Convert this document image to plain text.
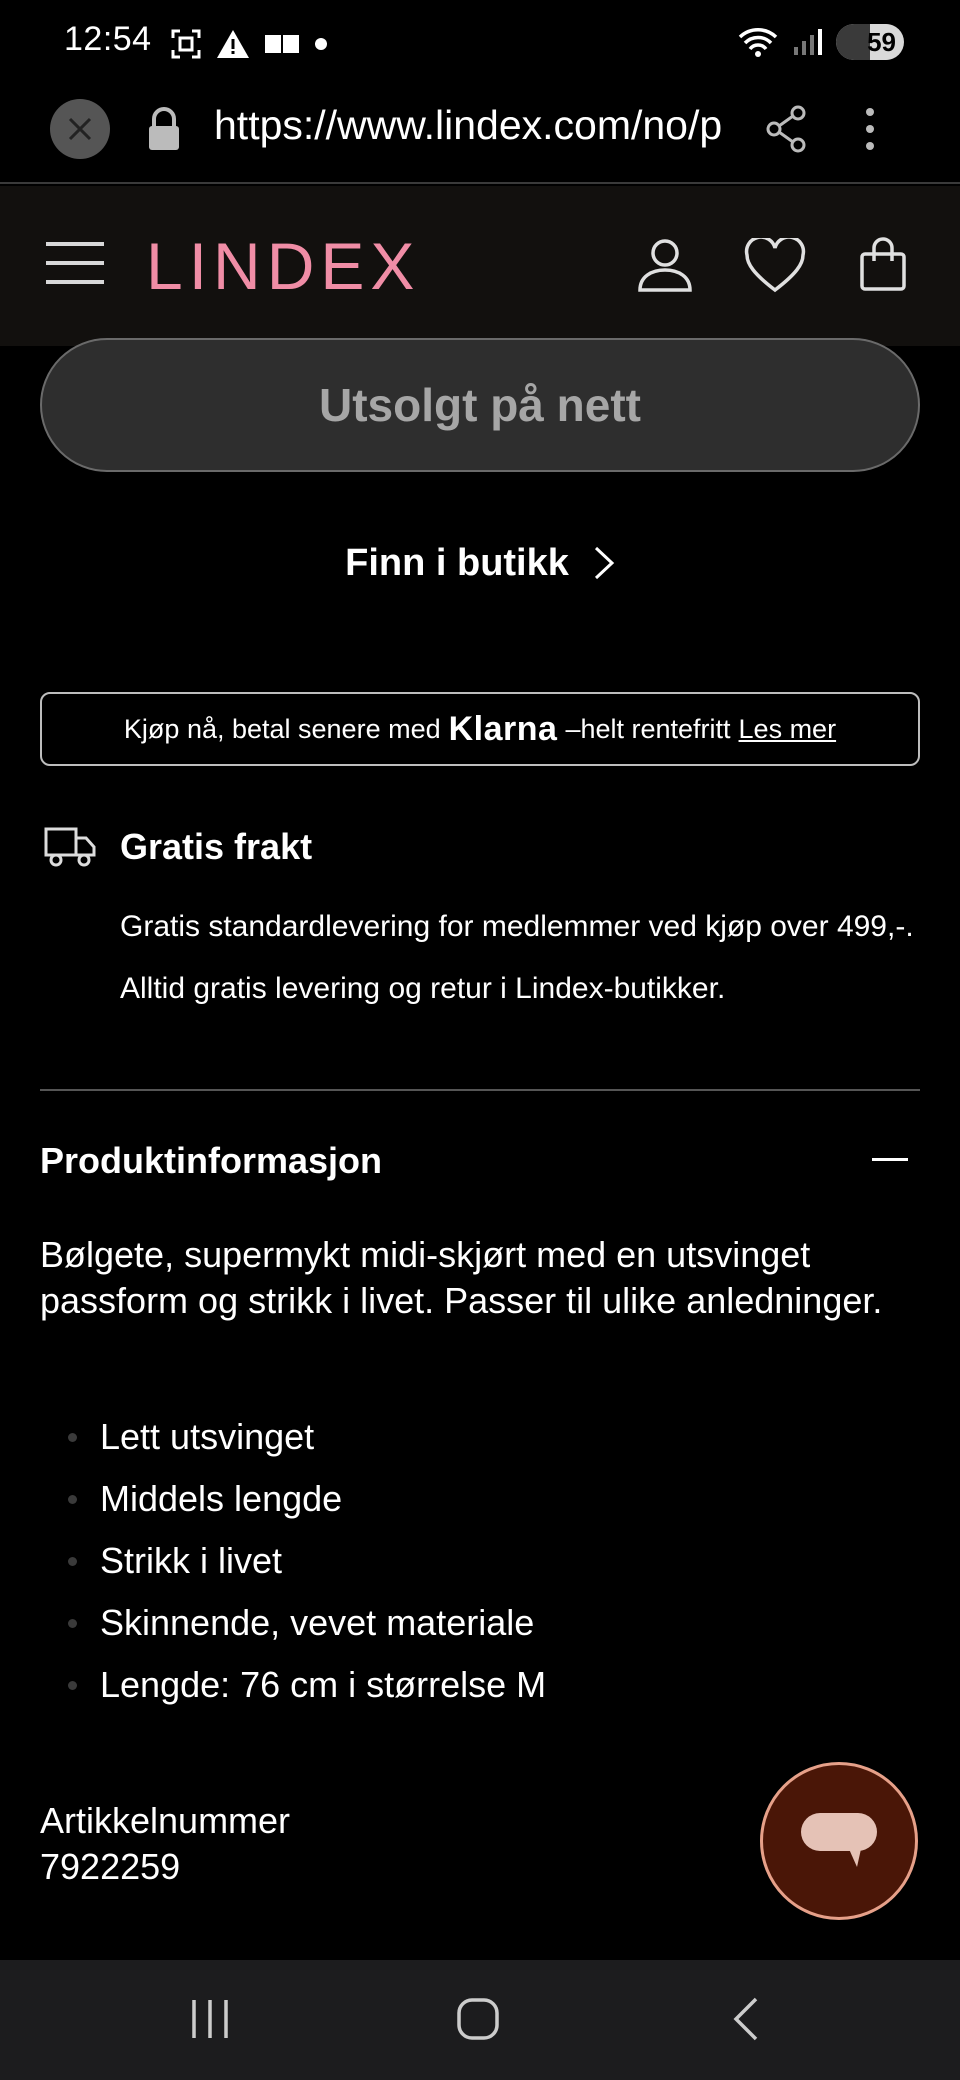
12:54	59
https://www.lindex.com/no/p
LINDEX
Utsolgt på nett
Finn i butikk
Kjøp nå, betal senere med Klarna –helt rentefritt Les mer
Gratis frakt
Gratis standardlevering for medlemmer ved kjøp over 499,-. Alltid gratis levering og retur i Lindex-butikker.
Produktinformasjon
Bølgete, supermykt midi-skjørt med en utsvinget passform og strikk i livet. Passer til ulike anledninger.
Lett utsvinget
Middels lengde
Strikk i livet
Skinnende, vevet materiale
Lengde: 76 cm i størrelse M
Artikkelnummer
7922259
